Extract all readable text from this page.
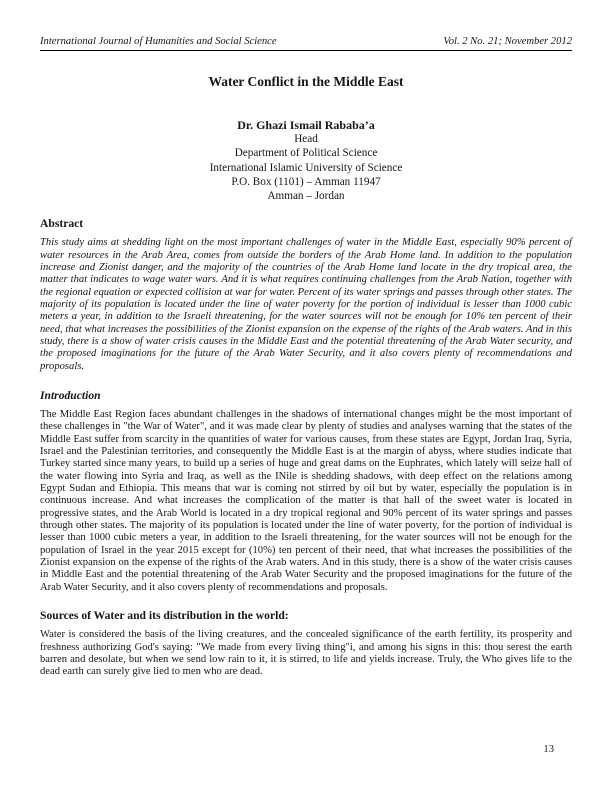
International Journal of Humanities and Social Science	Vol. 2 No. 21; November 2012
Water Conflict in the Middle East
Dr. Ghazi Ismail Rababa’a
Head
Department of Political Science
International Islamic University of Science
P.O. Box (1101) – Amman 11947
Amman – Jordan
Abstract
This study aims at shedding light on the most important challenges of water in the Middle East, especially 90% percent of water resources in the Arab Area, comes from outside the borders of the Arab Home land. In addition to the population increase and Zionist danger, and the majority of the countries of the Arab Home land locate in the dry tropical area, the matter that indicates to wage water wars. And it is what requires continuing challenges from the Arab Nation, together with the regional equation or expected collision at war for water. Percent of its water springs and passes through other states. The majority of its population is located under the line of water poverty for the portion of individual is lesser than 1000 cubic meters a year, in addition to the Israeli threatening, for the water sources will not be enough for 10% ten percent of their need, that what increases the possibilities of the Zionist expansion on the expense of the rights of the Arab waters. And in this study, there is a show of water crisis causes in the Middle East and the potential threatening of the Arab Water security, and the proposed imaginations for the future of the Arab Water Security, and it also covers plenty of recommendations and proposals.
Introduction
The Middle East Region faces abundant challenges in the shadows of international changes might be the most important of these challenges in "the War of Water", and it was made clear by plenty of studies and analyses warning that the states of the Middle East suffer from scarcity in the quantities of water for various causes, from these states are Egypt, Jordan Iraq, Syria, Israel and the Palestinian territories, and consequently the Middle East is at the margin of abyss, where studies indicate that Turkey started since many years, to build up a series of huge and great dams on the Euphrates, which lately will seize hall of the water flowing into Syria and Iraq, as well as the INile is shedding shadows, with deep effect on the relations among Egypt Sudan and Ethiopia. This means that war is coming not stirred by oil but by water, especially the population is in continuous increase. And what increases the complication of the matter is that hall of the sweet water is located in progressive states, and the Arab World is located in a dry tropical regional and 90% percent of its water springs and passes through other states. The majority of its population is located under the line of water poverty, for the portion of individual is lesser than 1000 cubic meters a year, in addition to the Israeli threatening, for the water sources will not be enough for the population of Israel in the year 2015 except for (10%) ten percent of their need, that what increases the possibilities of the Zionist expansion on the expense of the rights of the Arab waters. And in this study, there is a show of the water crisis causes in Middle East and the potential threatening of the Arab Water Security and the proposed imaginations for the future of the Arab Water Security, and it also covers plenty of recommendations and proposals.
Sources of Water and its distribution in the world:
Water is considered the basis of the living creatures, and the concealed significance of the earth fertility, its prosperity and freshness authorizing God's saying: "We made from every living thing"i, and among his signs in this: thou serest the earth barren and desolate, but when we send low rain to it, it is stirred, to life and yields increase. Truly, the Who gives life to the dead earth can surely give lied to men who are dead.
13
